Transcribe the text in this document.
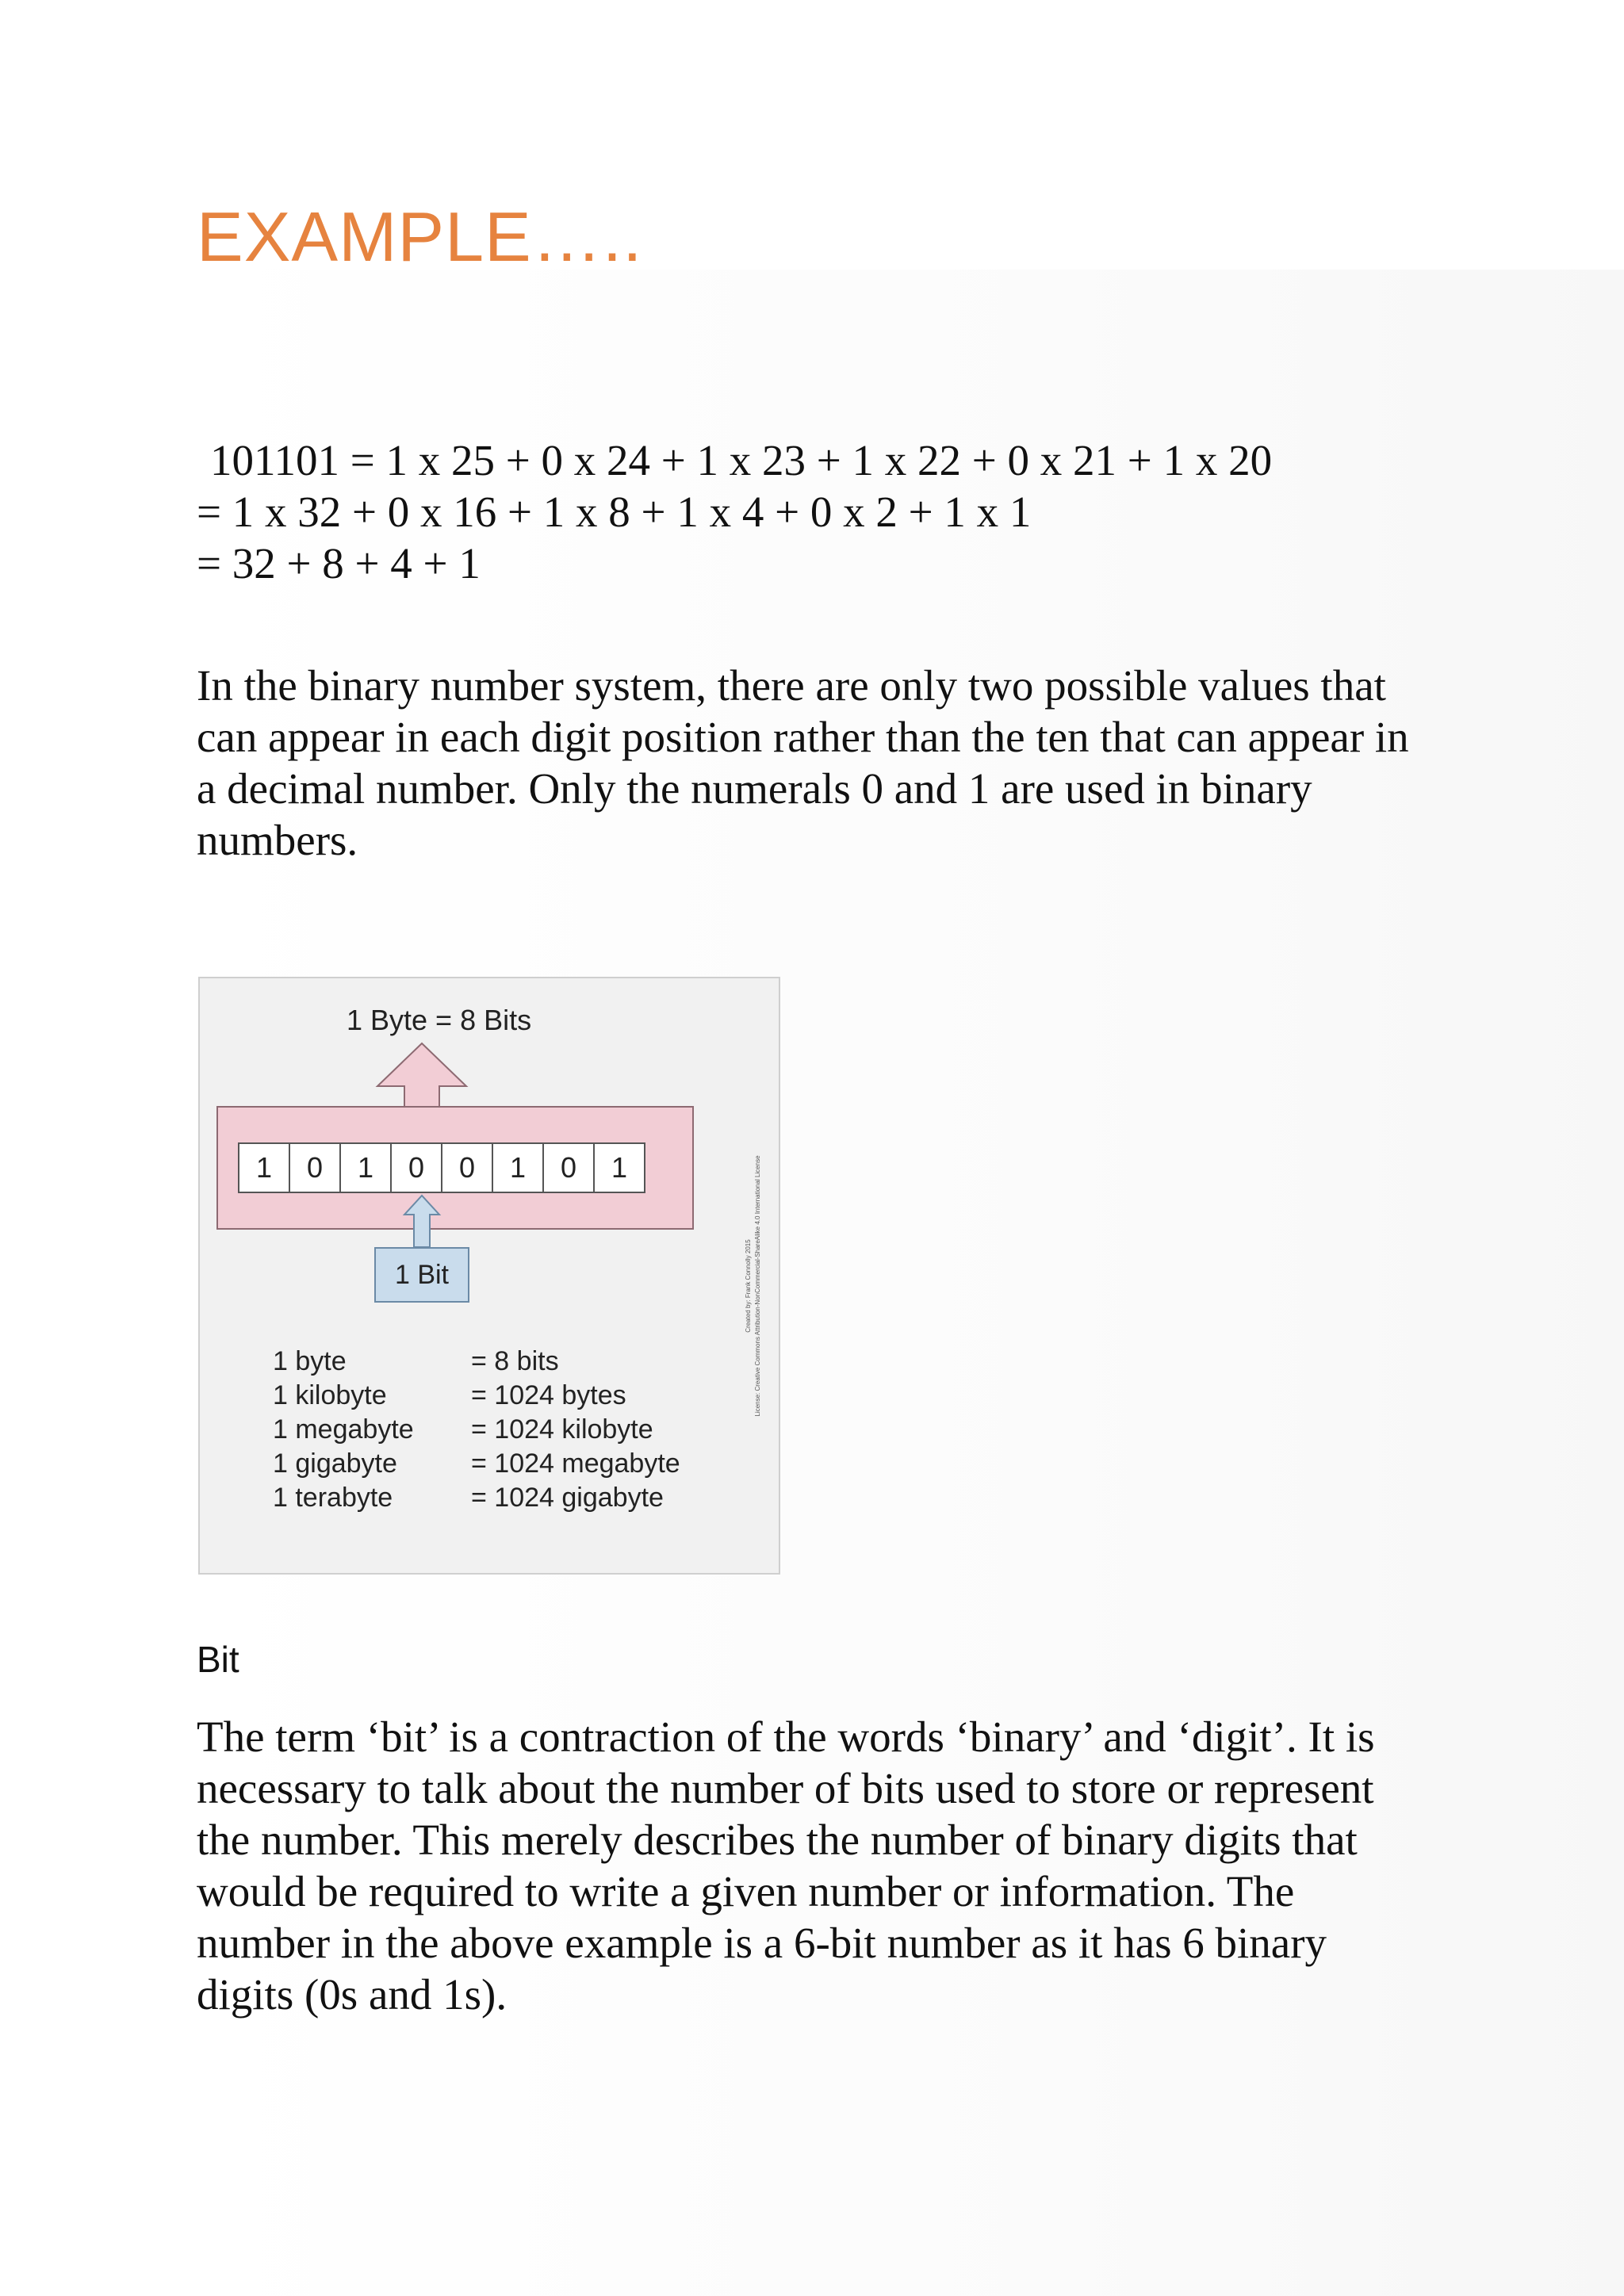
EXAMPLE…..
101101 = 1 x 25 + 0 x 24 + 1 x 23 + 1 x 22 + 0 x 21 + 1 x 20
= 1 x 32 + 0 x 16 + 1 x 8 + 1 x 4 + 0 x 2 + 1 x 1
= 32 + 8 + 4 + 1
In the binary number system, there are only two possible values that
can appear in each digit position rather than the ten that can appear in
a decimal number. Only the numerals 0 and 1 are used in binary
numbers.
1 Byte = 8 Bits
1	0	1	0	0	1	0	1
1 Bit
1 byte	= 8 bits
1 kilobyte	= 1024 bytes
1 megabyte	= 1024 kilobyte
1 gigabyte	= 1024 megabyte
1 terabyte	= 1024 gigabyte
Created by: Frank Connolly 2015 License: Creative Commons Attribution-NonCommercial-ShareAlike 4.0 International License
Bit
The term ‘bit’ is a contraction of the words ‘binary’ and ‘digit’. It is
necessary to talk about the number of bits used to store or represent
the number. This merely describes the number of binary digits that
would be required to write a given number or information. The
number in the above example is a 6-bit number as it has 6 binary
digits (0s and 1s).
